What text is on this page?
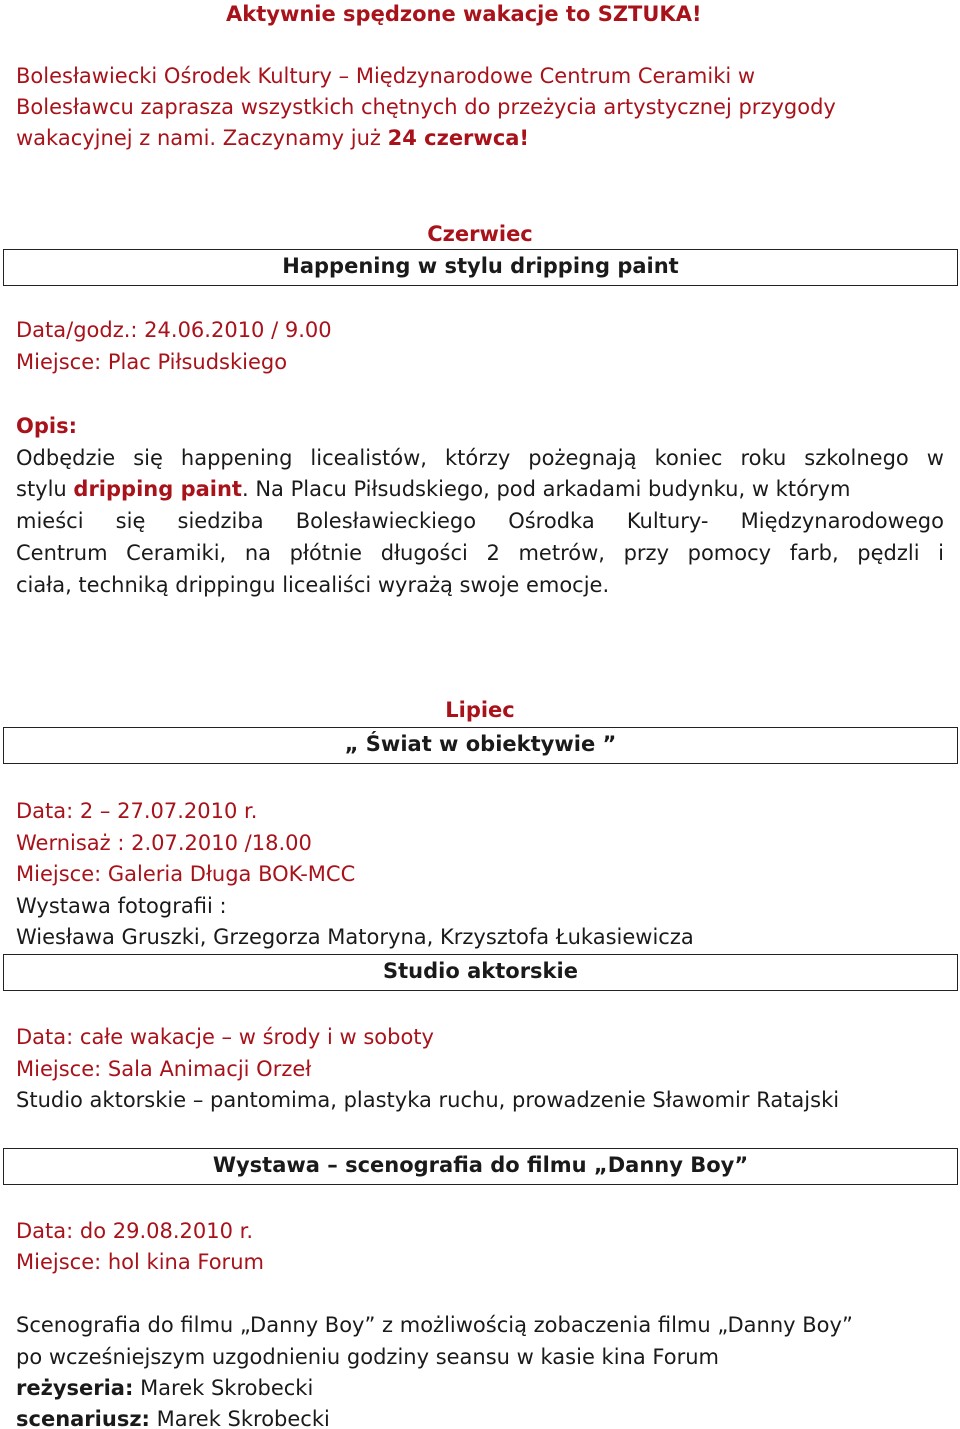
Aktywnie spędzone wakacje to SZTUKA!
Bolesławiecki Ośrodek Kultury – Międzynarodowe Centrum Ceramiki w
Bolesławcu zaprasza wszystkich chętnych do przeżycia artystycznej przygody
wakacyjnej z nami. Zaczynamy już 24 czerwca!
Czerwiec
Happening w stylu dripping paint
Data/godz.: 24.06.2010 / 9.00
Miejsce: Plac Piłsudskiego
Opis:
Odbędzie się happening licealistów, którzy pożegnają koniec roku szkolnego w
stylu dripping paint. Na Placu Piłsudskiego, pod arkadami budynku, w którym
mieści się siedziba Bolesławieckiego Ośrodka Kultury- Międzynarodowego
Centrum Ceramiki, na płótnie długości 2 metrów, przy pomocy farb, pędzli i
ciała, techniką drippingu licealiści wyrażą swoje emocje.
Lipiec
„ Świat w obiektywie ”
Data: 2 – 27.07.2010 r.
Wernisaż : 2.07.2010 /18.00
Miejsce: Galeria Długa BOK-MCC
Wystawa fotografii :
Wiesława Gruszki, Grzegorza Matoryna, Krzysztofa Łukasiewicza
Studio aktorskie
Data: całe wakacje – w środy i w soboty
Miejsce: Sala Animacji Orzeł
Studio aktorskie – pantomima, plastyka ruchu, prowadzenie Sławomir Ratajski
Wystawa – scenografia do filmu „Danny Boy”
Data: do 29.08.2010 r.
Miejsce: hol kina Forum
Scenografia do filmu „Danny Boy” z możliwością zobaczenia filmu „Danny Boy”
po wcześniejszym uzgodnieniu godziny seansu w kasie kina Forum
reżyseria: Marek Skrobecki
scenariusz: Marek Skrobecki
